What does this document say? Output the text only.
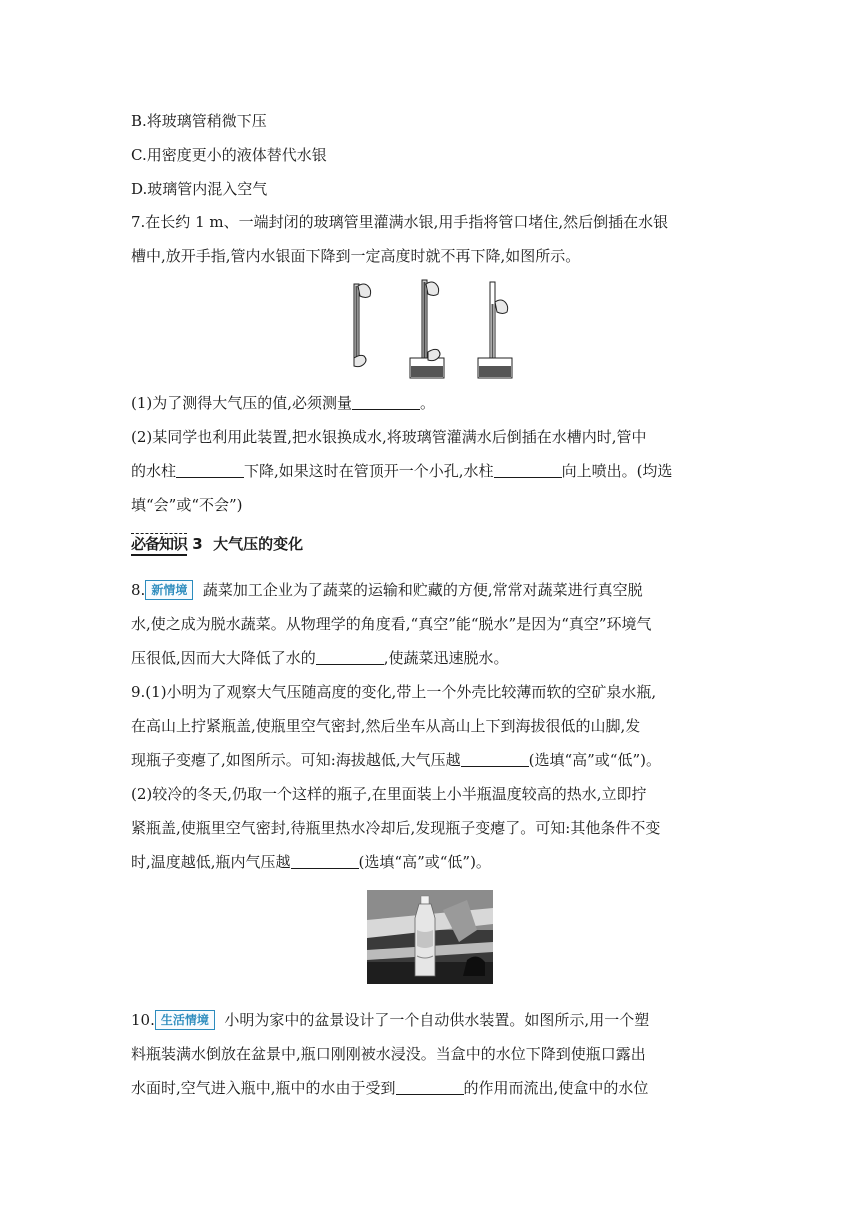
B.将玻璃管稍微下压
C.用密度更小的液体替代水银
D.玻璃管内混入空气
7.在长约 1 m、一端封闭的玻璃管里灌满水银,用手指将管口堵住,然后倒插在水银
槽中,放开手指,管内水银面下降到一定高度时就不再下降,如图所示。
(1)为了测得大气压的值,必须测量	。
(2)某同学也利用此装置,把水银换成水,将玻璃管灌满水后倒插在水槽内时,管中
的水柱	下降,如果这时在管顶开一个小孔,水柱	向上喷出。(均选
填“会”或“不会”)
必备知识 3 大气压的变化
8. 新情境 蔬菜加工企业为了蔬菜的运输和贮藏的方便,常常对蔬菜进行真空脱
水,使之成为脱水蔬菜。从物理学的角度看,“真空”能“脱水”是因为“真空”环境气
压很低,因而大大降低了水的	,使蔬菜迅速脱水。
9.(1)小明为了观察大气压随高度的变化,带上一个外壳比较薄而软的空矿泉水瓶,
在高山上拧紧瓶盖,使瓶里空气密封,然后坐车从高山上下到海拔很低的山脚,发
现瓶子变瘪了,如图所示。可知:海拔越低,大气压越	(选填“高”或“低”)。
(2)较冷的冬天,仍取一个这样的瓶子,在里面装上小半瓶温度较高的热水,立即拧
紧瓶盖,使瓶里空气密封,待瓶里热水冷却后,发现瓶子变瘪了。可知:其他条件不变
时,温度越低,瓶内气压越	(选填“高”或“低”)。
10. 生活情境 小明为家中的盆景设计了一个自动供水装置。如图所示,用一个塑
料瓶装满水倒放在盆景中,瓶口刚刚被水浸没。当盒中的水位下降到使瓶口露出
水面时,空气进入瓶中,瓶中的水由于受到	的作用而流出,使盒中的水位
